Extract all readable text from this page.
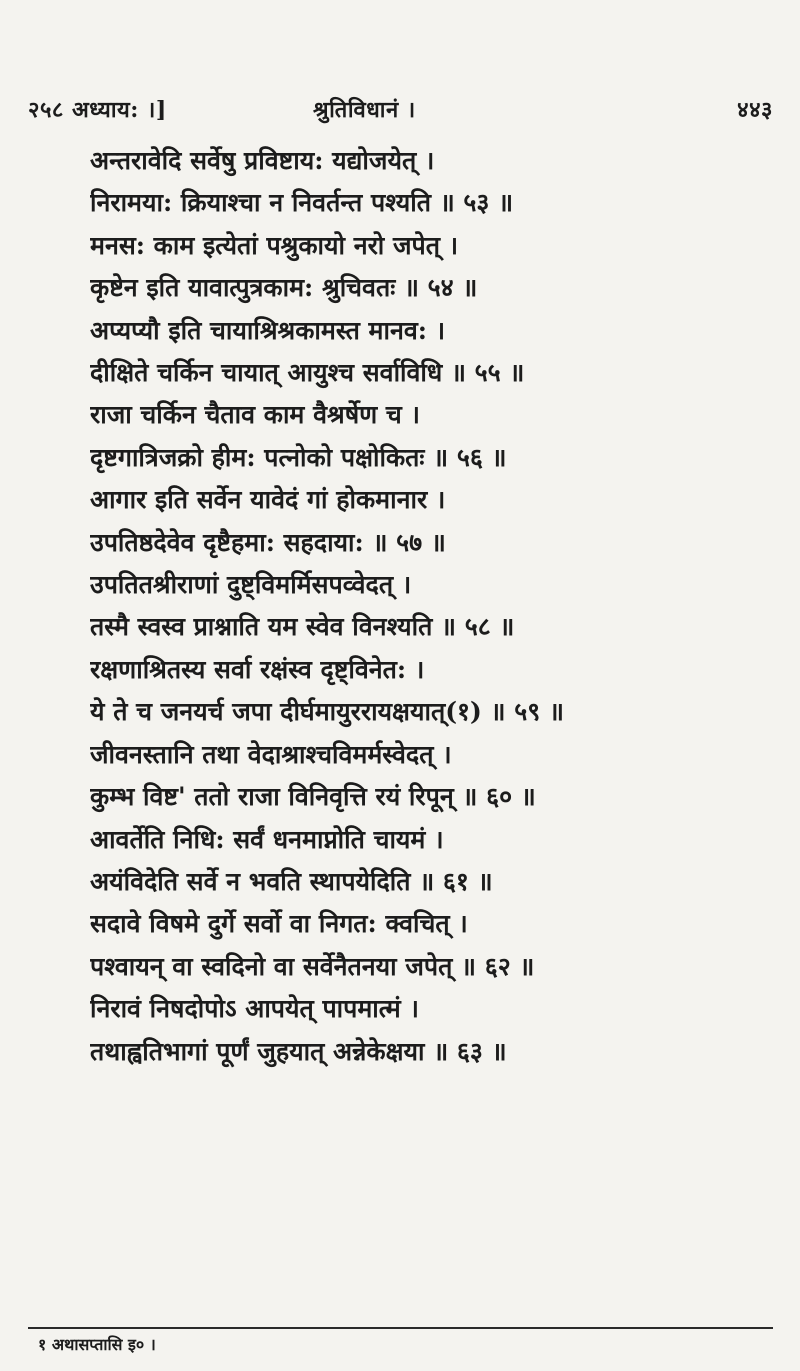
२५८ अध्याय: ।]	श्रुतिविधानं ।	४४३
अन्तरावेदि सर्वेषु प्रविष्टाय: यद्योजयेत् ।
निरामया: क्रियाश्चा न निवर्तन्त पश्यति ॥ ५३ ॥
मनस: काम इत्येतां पश्रुकायो नरो जपेत् ।
कृष्टेन इति यावात्पुत्रकाम: श्रुचिवतः ॥ ५४ ॥
अप्यप्यौ इति चायाश्रिश्रकामस्त मानव: ।
दीक्षिते चर्किन चायात् आयुश्च सर्वाविधि ॥ ५५ ॥
राजा चर्किन चैताव काम वैश्रर्षेण च ।
दृष्टगात्रिजक्रो हीम: पत्नोको पक्षोकितः ॥ ५६ ॥
आगार इति सर्वेन यावेदं गां होकमानार ।
उपतिष्ठदेवेव दृष्टैहमा: सहदाया: ॥ ५७ ॥
उपतितश्रीराणां दुष्ट्विमर्मिसपव्वेदत् ।
तस्मै स्वस्व प्राश्नाति यम स्वेव विनश्यति ॥ ५८ ॥
रक्षणाश्रितस्य सर्वा रक्षंस्व दृष्ट्विनेत: ।
ये ते च जनयर्च जपा दीर्घमायुररायक्षयात्(१) ॥ ५९ ॥
जीवनस्तानि तथा वेदाश्राश्चविमर्मस्वेदत् ।
कुम्भ विष्ट' ततो राजा विनिवृत्ति रयं रिपून् ॥ ६० ॥
आवर्तेति निधि: सर्वं धनमाप्नोति चायमं ।
अयंविदेति सर्वे न भवति स्थापयेदिति ॥ ६१ ॥
सदावे विषमे दुर्गे सर्वो वा निगत: क्वचित् ।
पश्वायन् वा स्वदिनो वा सर्वेनैतनया जपेत् ॥ ६२ ॥
निरावं निषदोपोऽ आपयेत् पापमात्मं ।
तथाह्वतिभागां पूर्णं जुहयात् अन्नेकेक्षया ॥ ६३ ॥
१ अथासप्तासि इ० ।
